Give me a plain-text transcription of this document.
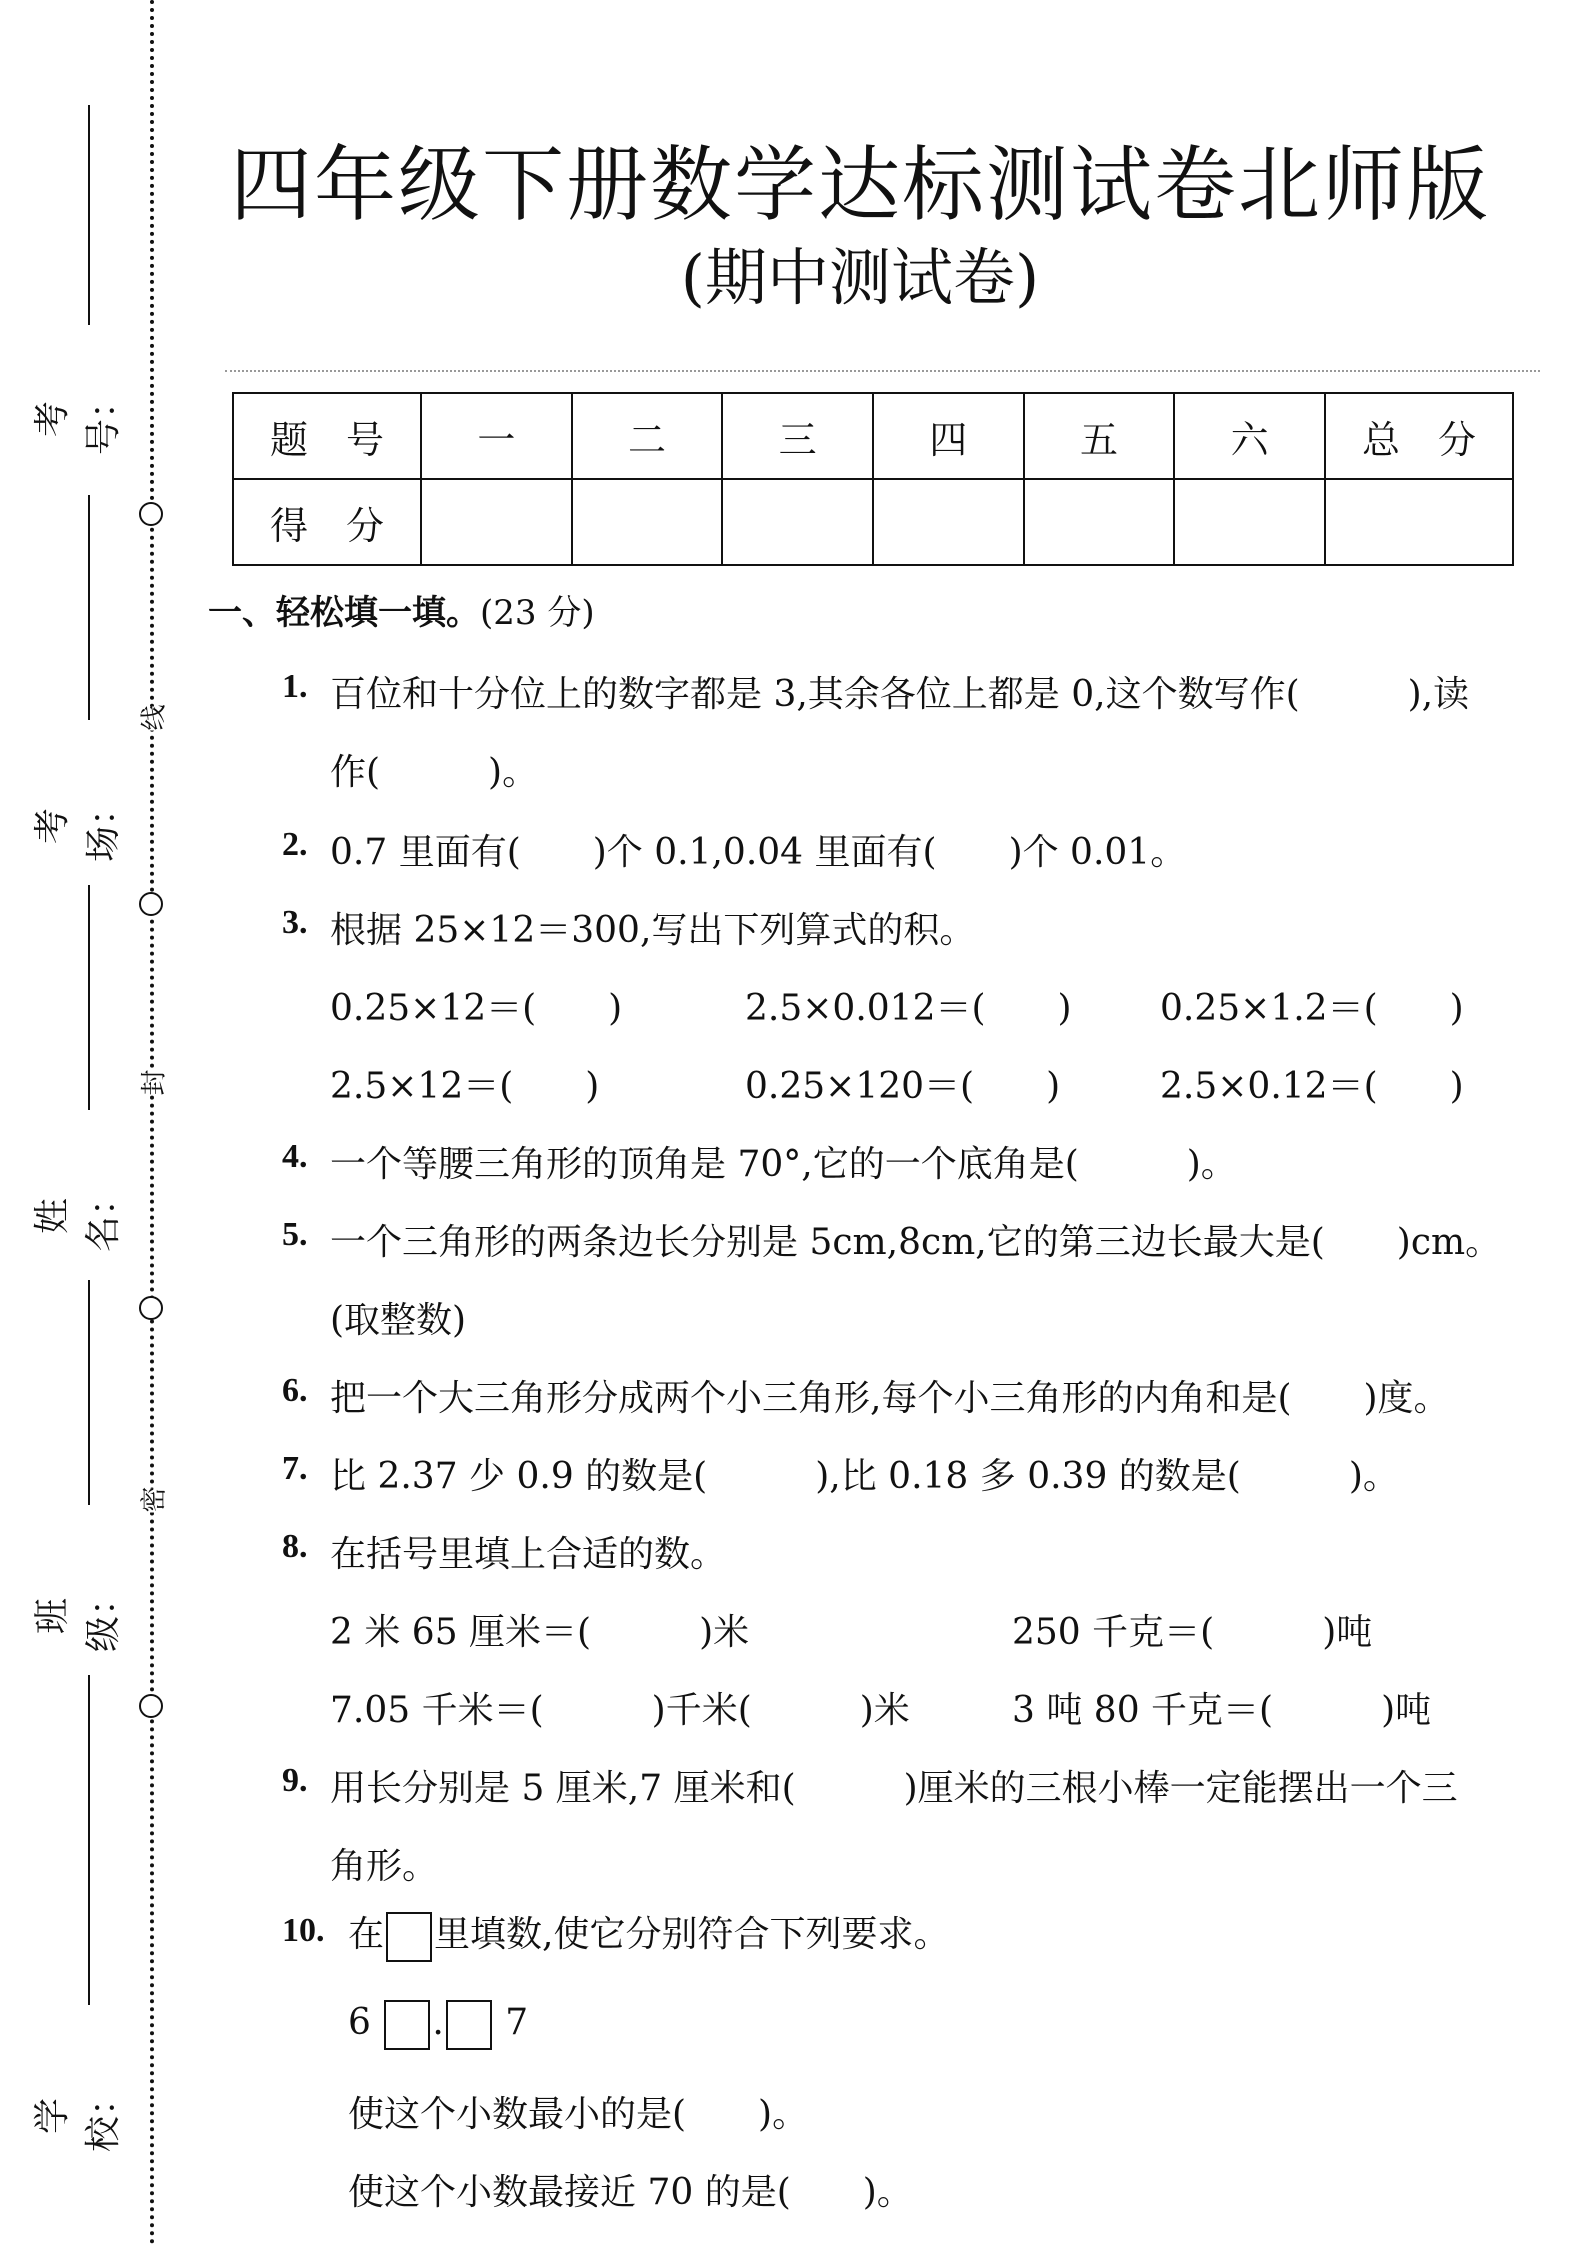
线
封
密
考号：
考场：
姓名：
班级：
学校：
四年级下册数学达标测试卷北师版
(期中测试卷)
题　号	一	二	三	四	五	六	总　分
得　分							
一、轻松填一填。(23 分)
1. 百位和十分位上的数字都是 3,其余各位上都是 0,这个数写作(　　　),读
作(　　　)。
2. 0.7 里面有(　　)个 0.1,0.04 里面有(　　)个 0.01。
3. 根据 25×12＝300,写出下列算式的积。
0.25×12＝(　　)	2.5×0.012＝(　　) 0.25×1.2＝(　　)
2.5×12＝(　　)	0.25×120＝(　　)	2.5×0.12＝(　　)
4. 一个等腰三角形的顶角是 70°,它的一个底角是(　　　)。
5. 一个三角形的两条边长分别是 5cm,8cm,它的第三边长最大是(　　)cm。
(取整数)
6. 把一个大三角形分成两个小三角形,每个小三角形的内角和是(　　)度。
7. 比 2.37 少 0.9 的数是(　　　),比 0.18 多 0.39 的数是(　　　)。
8. 在括号里填上合适的数。
2 米 65 厘米＝(　　　)米	250 千克＝(　　　)吨
7.05 千米＝(　　　)千米(　　　)米	3 吨 80 千克＝(　　　)吨
9. 用长分别是 5 厘米,7 厘米和(　　　)厘米的三根小棒一定能摆出一个三
角形。
10. 在 里填数,使它分别符合下列要求。
6 . 7
使这个小数最小的是(　　)。
使这个小数最接近 70 的是(　　)。
